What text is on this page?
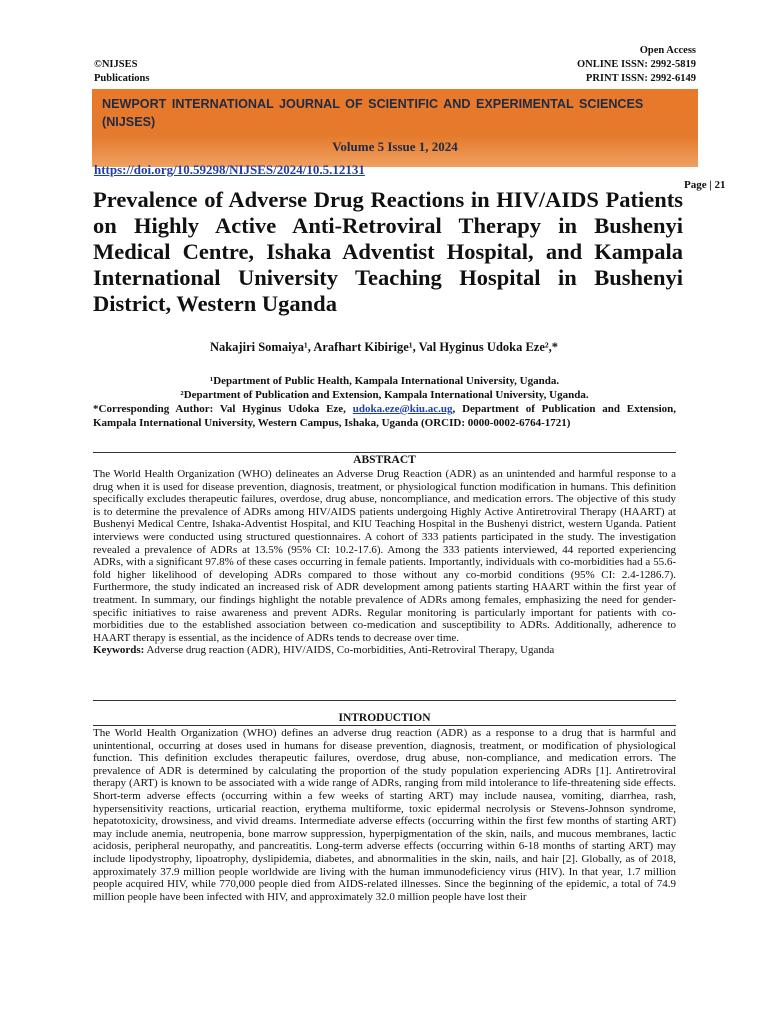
Open Access
ONLINE ISSN: 2992-5819
PRINT ISSN: 2992-6149
©NIJSES
Publications
NEWPORT INTERNATIONAL JOURNAL OF SCIENTIFIC AND EXPERIMENTAL SCIENCES (NIJSES)
Volume 5 Issue 1, 2024
https://doi.org/10.59298/NIJSES/2024/10.5.12131
Page | 21
Prevalence of Adverse Drug Reactions in HIV/AIDS Patients on Highly Active Anti-Retroviral Therapy in Bushenyi Medical Centre, Ishaka Adventist Hospital, and Kampala International University Teaching Hospital in Bushenyi District, Western Uganda
Nakajiri Somaiya¹, Arafhart Kibirige¹, Val Hyginus Udoka Eze²,*
¹Department of Public Health, Kampala International University, Uganda.
²Department of Publication and Extension, Kampala International University, Uganda.
*Corresponding Author: Val Hyginus Udoka Eze, udoka.eze@kiu.ac.ug, Department of Publication and Extension, Kampala International University, Western Campus, Ishaka, Uganda (ORCID: 0000-0002-6764-1721)
ABSTRACT
The World Health Organization (WHO) delineates an Adverse Drug Reaction (ADR) as an unintended and harmful response to a drug when it is used for disease prevention, diagnosis, treatment, or physiological function modification in humans. This definition specifically excludes therapeutic failures, overdose, drug abuse, noncompliance, and medication errors. The objective of this study is to determine the prevalence of ADRs among HIV/AIDS patients undergoing Highly Active Antiretroviral Therapy (HAART) at Bushenyi Medical Centre, Ishaka-Adventist Hospital, and KIU Teaching Hospital in the Bushenyi district, western Uganda. Patient interviews were conducted using structured questionnaires. A cohort of 333 patients participated in the study. The investigation revealed a prevalence of ADRs at 13.5% (95% CI: 10.2-17.6). Among the 333 patients interviewed, 44 reported experiencing ADRs, with a significant 97.8% of these cases occurring in female patients. Importantly, individuals with co-morbidities had a 55.6-fold higher likelihood of developing ADRs compared to those without any co-morbid conditions (95% CI: 2.4-1286.7). Furthermore, the study indicated an increased risk of ADR development among patients starting HAART within the first year of treatment. In summary, our findings highlight the notable prevalence of ADRs among females, emphasizing the need for gender-specific initiatives to raise awareness and prevent ADRs. Regular monitoring is particularly important for patients with co-morbidities due to the established association between co-medication and susceptibility to ADRs. Additionally, adherence to HAART therapy is essential, as the incidence of ADRs tends to decrease over time.
Keywords: Adverse drug reaction (ADR), HIV/AIDS, Co-morbidities, Anti-Retroviral Therapy, Uganda
INTRODUCTION
The World Health Organization (WHO) defines an adverse drug reaction (ADR) as a response to a drug that is harmful and unintentional, occurring at doses used in humans for disease prevention, diagnosis, treatment, or modification of physiological function. This definition excludes therapeutic failures, overdose, drug abuse, non-compliance, and medication errors. The prevalence of ADR is determined by calculating the proportion of the study population experiencing ADRs [1]. Antiretroviral therapy (ART) is known to be associated with a wide range of ADRs, ranging from mild intolerance to life-threatening side effects. Short-term adverse effects (occurring within a few weeks of starting ART) may include nausea, vomiting, diarrhea, rash, hypersensitivity reactions, urticarial reaction, erythema multiforme, toxic epidermal necrolysis or Stevens-Johnson syndrome, hepatotoxicity, drowsiness, and vivid dreams. Intermediate adverse effects (occurring within the first few months of starting ART) may include anemia, neutropenia, bone marrow suppression, hyperpigmentation of the skin, nails, and mucous membranes, lactic acidosis, peripheral neuropathy, and pancreatitis. Long-term adverse effects (occurring within 6-18 months of starting ART) may include lipodystrophy, lipoatrophy, dyslipidemia, diabetes, and abnormalities in the skin, nails, and hair [2]. Globally, as of 2018, approximately 37.9 million people worldwide are living with the human immunodeficiency virus (HIV). In that year, 1.7 million people acquired HIV, while 770,000 people died from AIDS-related illnesses. Since the beginning of the epidemic, a total of 74.9 million people have been infected with HIV, and approximately 32.0 million people have lost their
